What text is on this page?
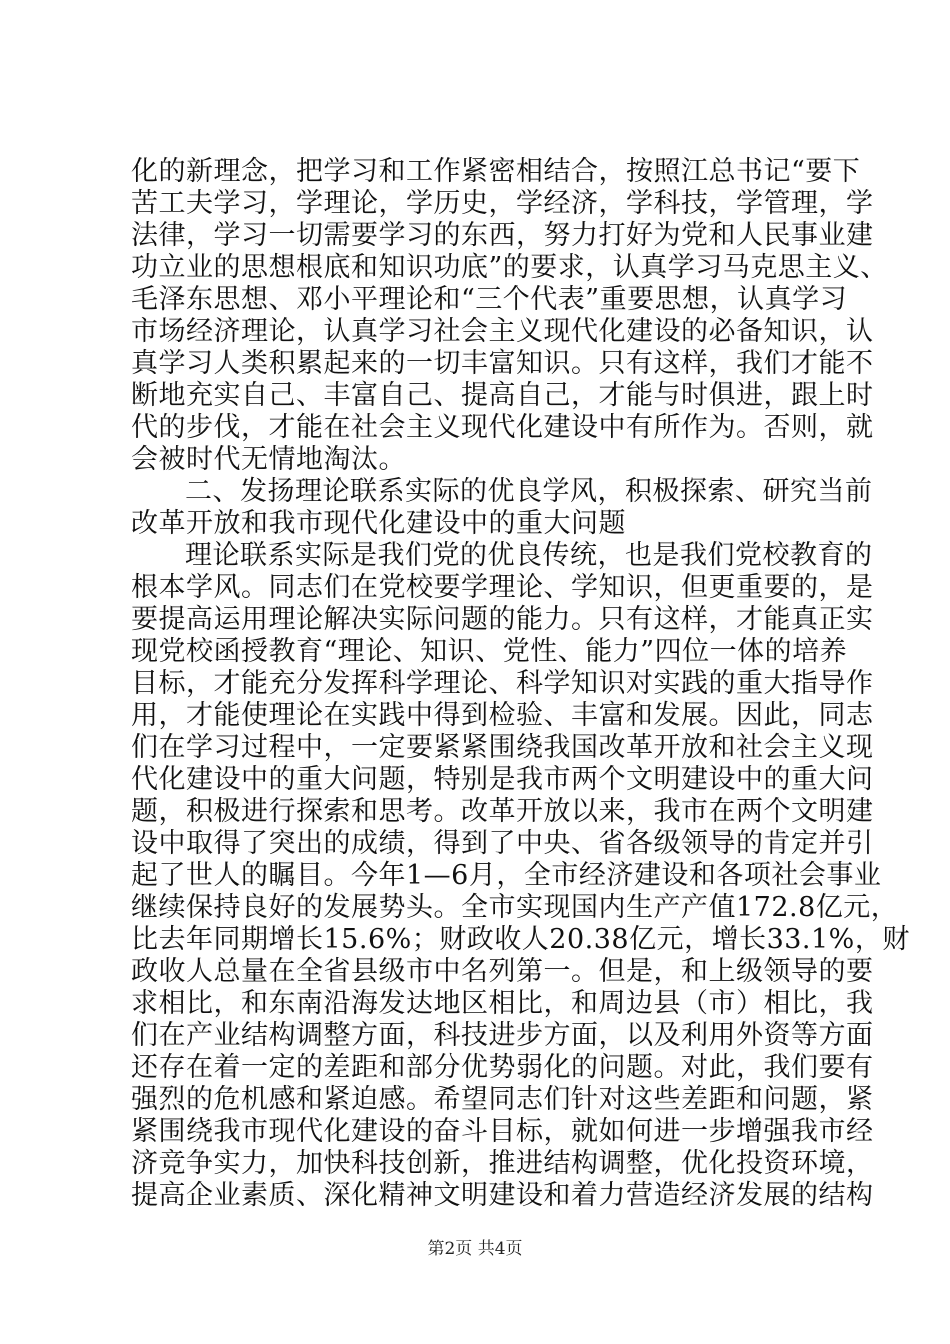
化的新理念，把学习和工作紧密相结合，按照江总书记“要下
苦工夫学习，学理论，学历史，学经济，学科技，学管理，学
法律，学习一切需要学习的东西，努力打好为党和人民事业建
功立业的思想根底和知识功底”的要求，认真学习马克思主义、
毛泽东思想、邓小平理论和“三个代表”重要思想，认真学习
市场经济理论，认真学习社会主义现代化建设的必备知识，认
真学习人类积累起来的一切丰富知识。只有这样，我们才能不
断地充实自己、丰富自己、提高自己，才能与时俱进，跟上时
代的步伐，才能在社会主义现代化建设中有所作为。否则，就
会被时代无情地淘汰。
二、发扬理论联系实际的优良学风，积极探索、研究当前
改革开放和我市现代化建设中的重大问题
理论联系实际是我们党的优良传统，也是我们党校教育的
根本学风。同志们在党校要学理论、学知识，但更重要的，是
要提高运用理论解决实际问题的能力。只有这样，才能真正实
现党校函授教育“理论、知识、党性、能力”四位一体的培养
目标，才能充分发挥科学理论、科学知识对实践的重大指导作
用，才能使理论在实践中得到检验、丰富和发展。因此，同志
们在学习过程中，一定要紧紧围绕我国改革开放和社会主义现
代化建设中的重大问题，特别是我市两个文明建设中的重大问
题，积极进行探索和思考。改革开放以来，我市在两个文明建
设中取得了突出的成绩，得到了中央、省各级领导的肯定并引
起了世人的瞩目。今年1—6月，全市经济建设和各项社会事业
继续保持良好的发展势头。全市实现国内生产产值172.8亿元，
比去年同期增长15.6%；财政收人20.38亿元，增长33.1%，财
政收人总量在全省县级市中名列第一。但是，和上级领导的要
求相比，和东南沿海发达地区相比，和周边县（市）相比，我
们在产业结构调整方面，科技进步方面，以及利用外资等方面
还存在着一定的差距和部分优势弱化的问题。对此，我们要有
强烈的危机感和紧迫感。希望同志们针对这些差距和问题，紧
紧围绕我市现代化建设的奋斗目标，就如何进一步增强我市经
第2页 共4页
济竞争实力，加快科技创新，推进结构调整，优化投资环境，
提高企业素质、深化精神文明建设和着力营造经济发展的结构
